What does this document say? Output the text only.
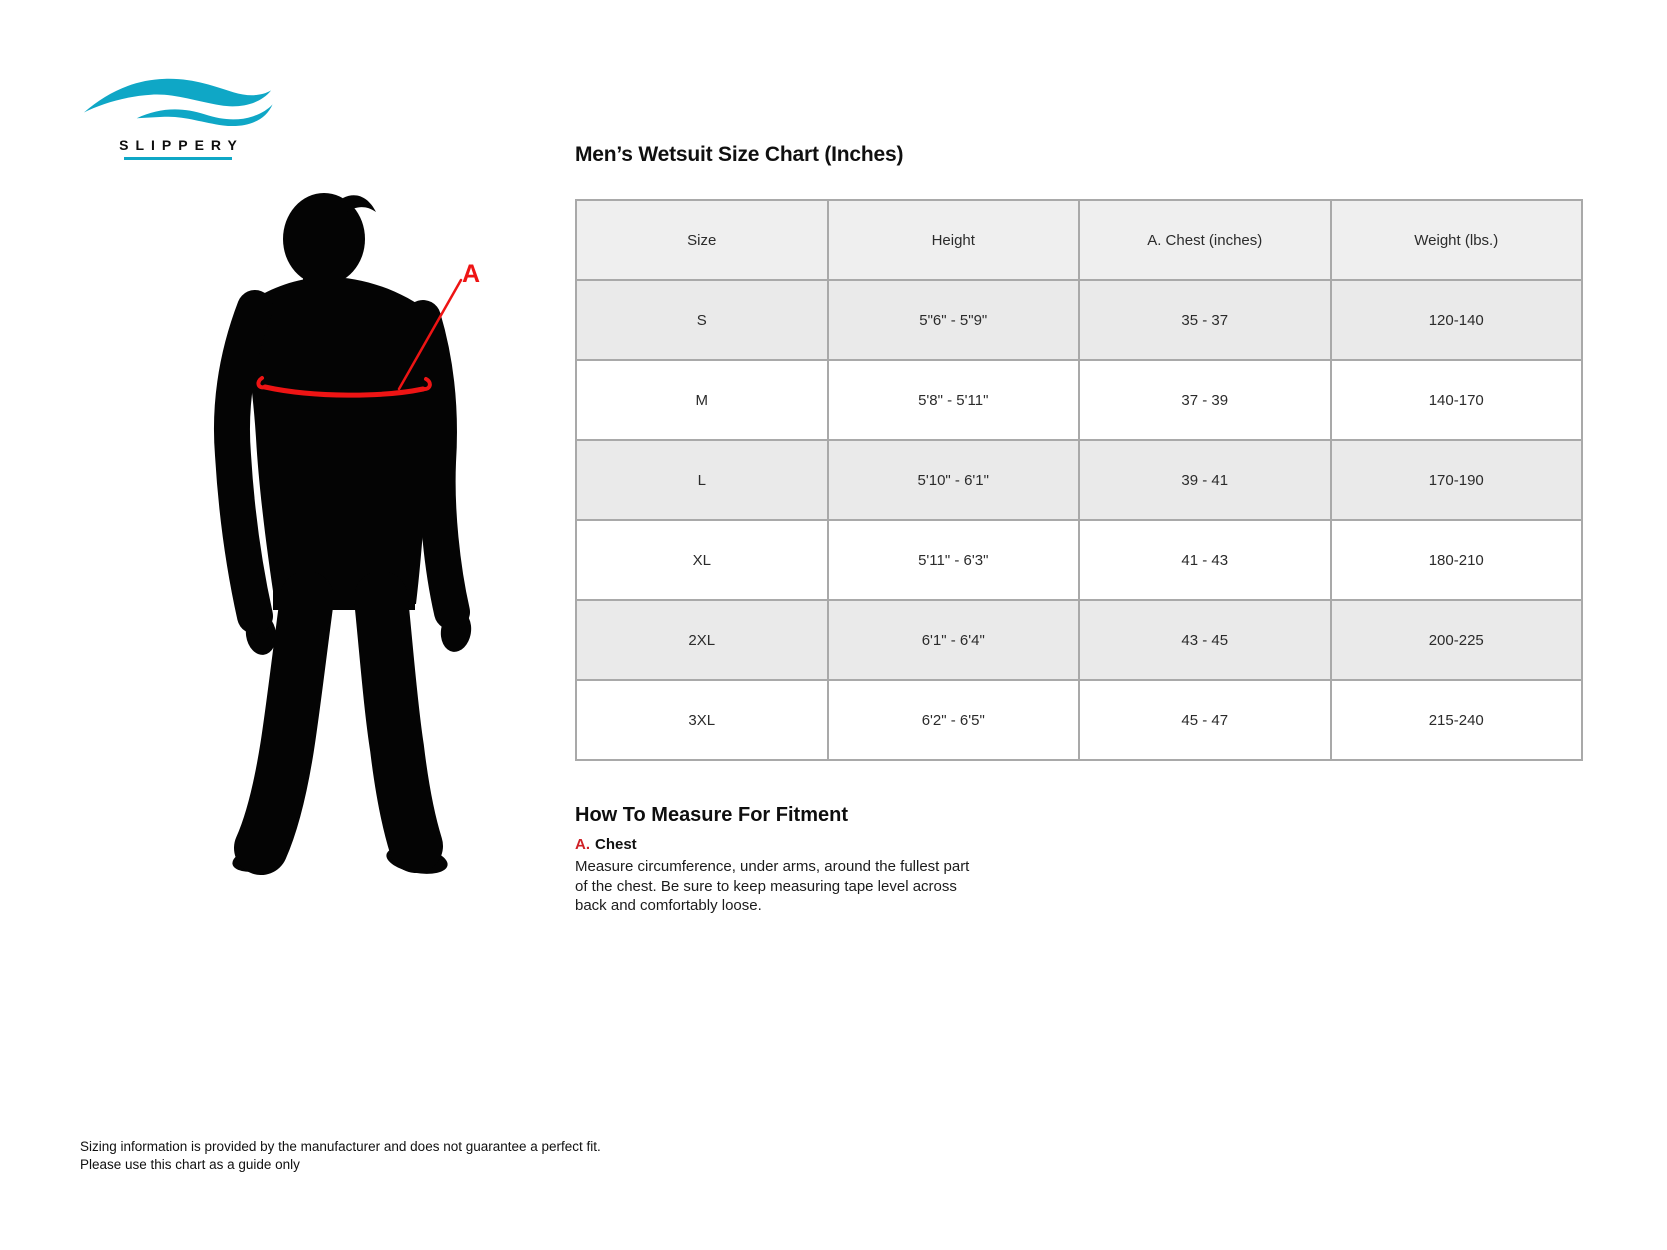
SLIPPERY
A
Men’s Wetsuit Size Chart (Inches)
Size	Height	A. Chest (inches)	Weight (lbs.)
S	5"6" - 5"9"	35 - 37	120-140
M	5'8" - 5'11"	37 - 39	140-170
L	5'10" - 6'1"	39 - 41	170-190
XL	5'11" - 6'3"	41 - 43	180-210
2XL	6'1" - 6'4"	43 - 45	200-225
3XL	6'2" - 6'5"	45 - 47	215-240
How To Measure For Fitment
A. Chest
Measure circumference, under arms, around the fullest part
of the chest. Be sure to keep measuring tape level across
back and comfortably loose.
Sizing information is provided by the manufacturer and does not guarantee a perfect fit.
Please use this chart as a guide only
